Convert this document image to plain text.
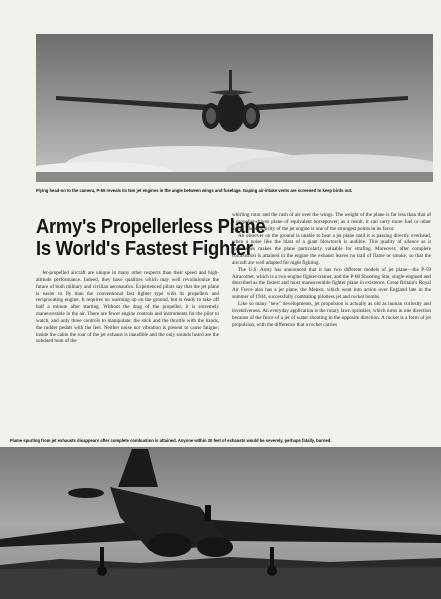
Flying head-on to the camera, P-59 reveals its two jet engines in the angle between wings and fuselage. Gaping air-intake vents are screened to keep birds out.
Army's Propellerless Plane
Is World's Fastest Fighter

Jet-propelled aircraft are unique in many other respects than their speed and high-altitude performance. Indeed, they have qualities which may well revolutionize the future of both military and civilian aeronautics. Experienced pilots say that the jet plane is easier to fly than the conventional fast fighter type with its propellers and reciprocating engine. It requires no warming up on the ground, but is ready to take off half a minute after starting. Without the drag of the propeller, it is extremely maneuverable in the air. There are fewer engine controls and instruments for the pilot to watch, and only three controls to manipulate: the stick and the throttle with the hands, the rudder pedals with the feet. Neither noise nor vibration is present to cause fatigue; inside the cabin the roar of the jet exhaust is inaudible and the only sounds heard are the subdued hum of the

whirling rotor and the rush of air over the wings. The weight of the plane is far less than that of a propeller-driven plane of equivalent horsepower; as a result, it can carry more fuel or other loads. The simplicity of the jet engine is one of the strongest points in its favor.

An observer on the ground is unable to hear a jet plane until it is passing directly overhead, when a noise like the blast of a giant blowtorch is audible. This quality of silence as it approaches makes the plane particularly valuable for strafing. Moreover, after complete combustion is attained in the engine the exhaust leaves no trail of flame or smoke, so that the aircraft are well adapted for night fighting.

The U.S. Army has announced that it has two different models of jet plane—the P-59 Airacomet, which is a two-engine fighter-trainer, and the P-80 Shooting Star, single-engined and described as the fastest and most maneuverable fighter plane in existence. Great Britain's Royal Air Force also has a jet plane, the Meteor, which went into action over England late in the summer of 1944, successfully combating pilotless jet and rocket bombs.

Like so many "new" developments, jet propulsion is actually as old as human curiosity and inventiveness. An everyday application is the rotary lawn sprinkler, which turns in one direction because of the force of a jet of water shooting in the opposite direction. A rocket is a form of jet propulsion, with the difference that a rocket carries

Flame spurting from jet exhausts disappears after complete combustion is attained. Anyone within 30 feet of exhausts would be severely, perhaps fatally, burned.
